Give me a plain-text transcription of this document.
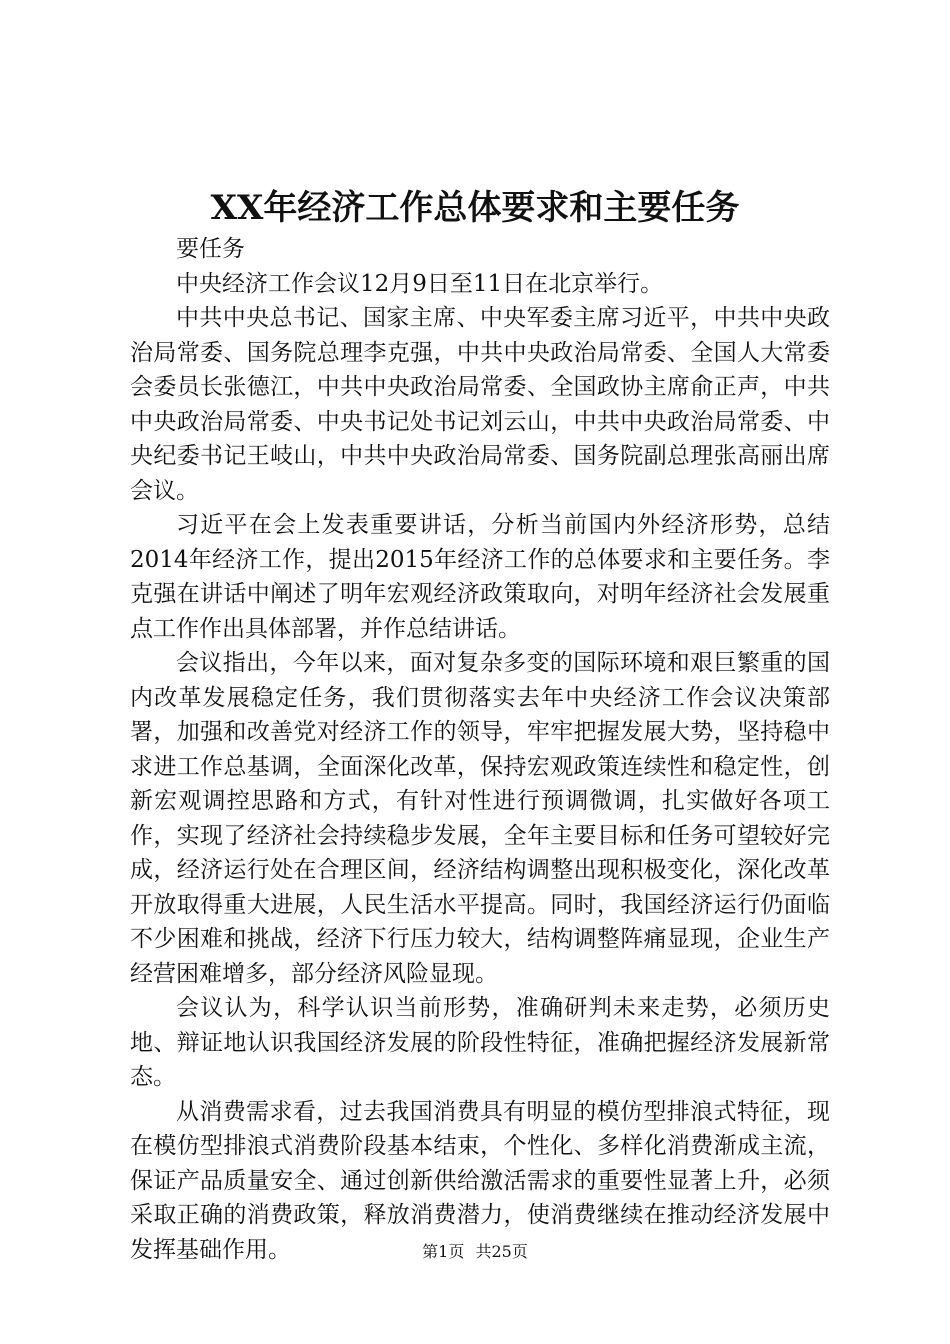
XX年经济工作总体要求和主要任务

要任务

中央经济工作会议12月9日至11日在北京举行。

中共中央总书记、国家主席、中央军委主席习近平，中共中央政治局常委、国务院总理李克强，中共中央政治局常委、全国人大常委会委员长张德江，中共中央政治局常委、全国政协主席俞正声，中共中央政治局常委、中央书记处书记刘云山，中共中央政治局常委、中央纪委书记王岐山，中共中央政治局常委、国务院副总理张高丽出席会议。

习近平在会上发表重要讲话，分析当前国内外经济形势，总结2014年经济工作，提出2015年经济工作的总体要求和主要任务。李克强在讲话中阐述了明年宏观经济政策取向，对明年经济社会发展重点工作作出具体部署，并作总结讲话。

会议指出，今年以来，面对复杂多变的国际环境和艰巨繁重的国内改革发展稳定任务，我们贯彻落实去年中央经济工作会议决策部署，加强和改善党对经济工作的领导，牢牢把握发展大势，坚持稳中求进工作总基调，全面深化改革，保持宏观政策连续性和稳定性，创新宏观调控思路和方式，有针对性进行预调微调，扎实做好各项工作，实现了经济社会持续稳步发展，全年主要目标和任务可望较好完成，经济运行处在合理区间，经济结构调整出现积极变化，深化改革开放取得重大进展，人民生活水平提高。同时，我国经济运行仍面临不少困难和挑战，经济下行压力较大，结构调整阵痛显现，企业生产经营困难增多，部分经济风险显现。

会议认为，科学认识当前形势，准确研判未来走势，必须历史地、辩证地认识我国经济发展的阶段性特征，准确把握经济发展新常态。

从消费需求看，过去我国消费具有明显的模仿型排浪式特征，现在模仿型排浪式消费阶段基本结束，个性化、多样化消费渐成主流，保证产品质量安全、通过创新供给激活需求的重要性显著上升，必须采取正确的消费政策，释放消费潜力，使消费继续在推动经济发展中发挥基础作用。	第1页 共25页
